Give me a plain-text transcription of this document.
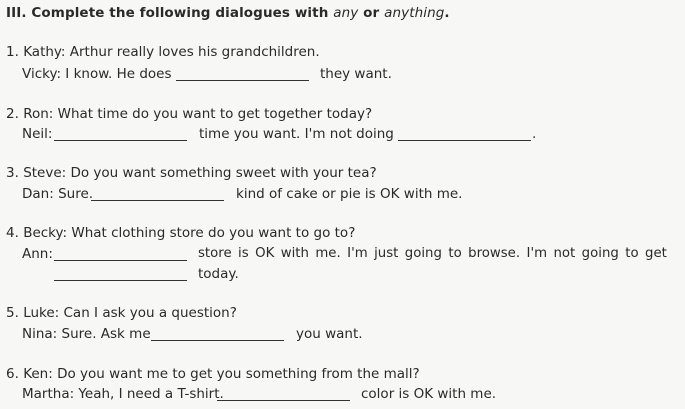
III. Complete the following dialogues with any or anything.
1. Kathy: Arthur really loves his grandchildren.
Vicky: I know. He does	they want.
2. Ron: What time do you want to get together today?
Neil:	time you want. I'm not doing	.
3. Steve: Do you want something sweet with your tea?
Dan: Sure.	kind of cake or pie is OK with me.
4. Becky: What clothing store do you want to go to?
Ann:	store is OK with me. I'm just going to browse. I'm not going to get
today.
5. Luke: Can I ask you a question?
Nina: Sure. Ask me	you want.
6. Ken: Do you want me to get you something from the mall?
Martha: Yeah, I need a T-shirt.	color is OK with me.
